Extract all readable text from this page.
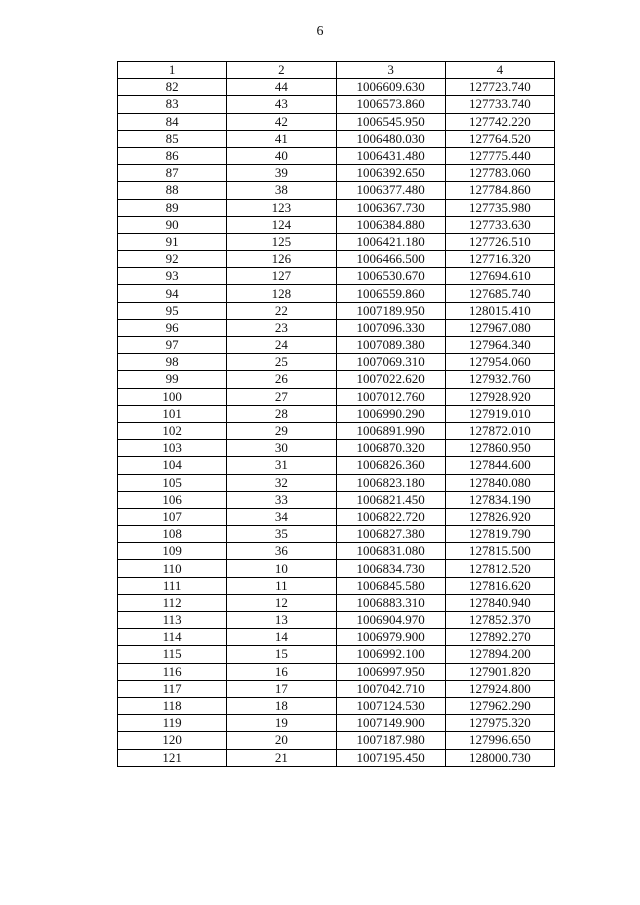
6
1	2	3	4
82	44	1006609.630	127723.740
83	43	1006573.860	127733.740
84	42	1006545.950	127742.220
85	41	1006480.030	127764.520
86	40	1006431.480	127775.440
87	39	1006392.650	127783.060
88	38	1006377.480	127784.860
89	123	1006367.730	127735.980
90	124	1006384.880	127733.630
91	125	1006421.180	127726.510
92	126	1006466.500	127716.320
93	127	1006530.670	127694.610
94	128	1006559.860	127685.740
95	22	1007189.950	128015.410
96	23	1007096.330	127967.080
97	24	1007089.380	127964.340
98	25	1007069.310	127954.060
99	26	1007022.620	127932.760
100	27	1007012.760	127928.920
101	28	1006990.290	127919.010
102	29	1006891.990	127872.010
103	30	1006870.320	127860.950
104	31	1006826.360	127844.600
105	32	1006823.180	127840.080
106	33	1006821.450	127834.190
107	34	1006822.720	127826.920
108	35	1006827.380	127819.790
109	36	1006831.080	127815.500
110	10	1006834.730	127812.520
111	11	1006845.580	127816.620
112	12	1006883.310	127840.940
113	13	1006904.970	127852.370
114	14	1006979.900	127892.270
115	15	1006992.100	127894.200
116	16	1006997.950	127901.820
117	17	1007042.710	127924.800
118	18	1007124.530	127962.290
119	19	1007149.900	127975.320
120	20	1007187.980	127996.650
121	21	1007195.450	128000.730
